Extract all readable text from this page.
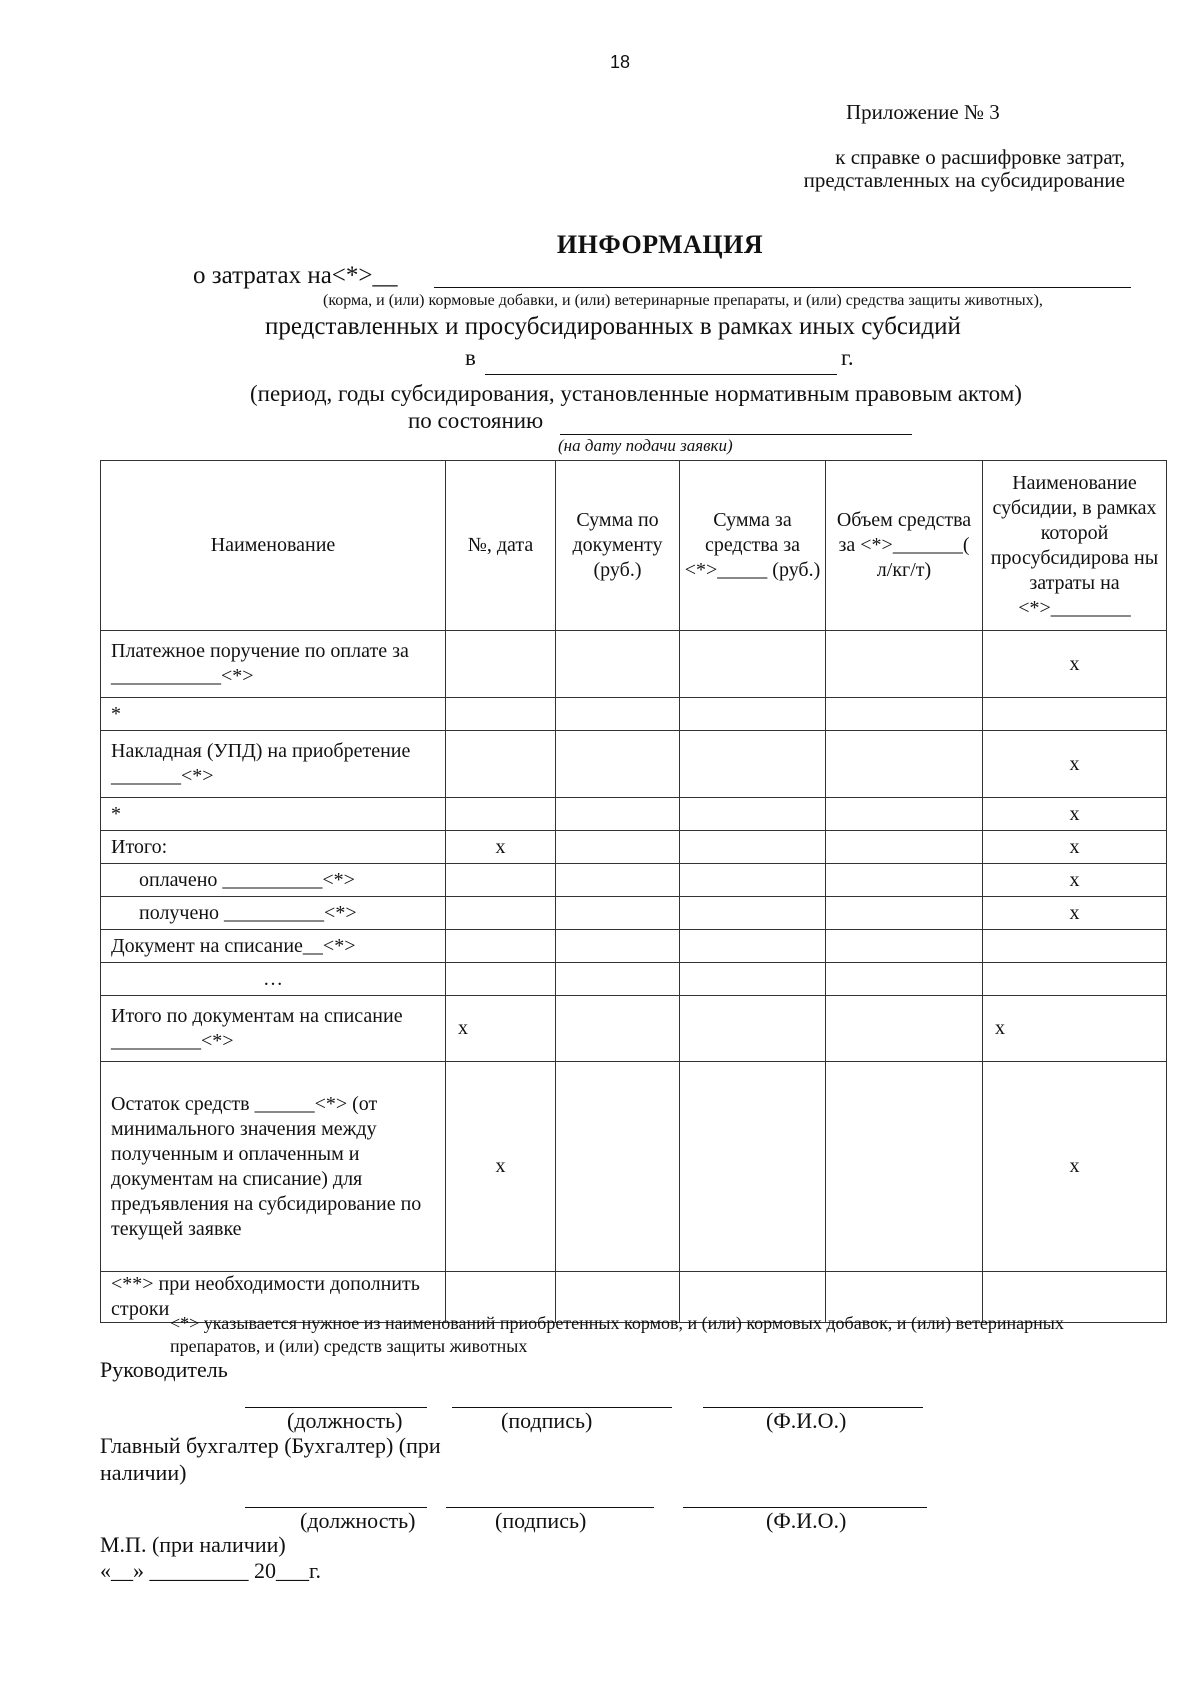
18
Приложение № 3
к справке о расшифровке затрат,
представленных на субсидирование
ИНФОРМАЦИЯ
о затратах на<*>__
(корма, и (или) кормовые добавки, и (или) ветеринарные препараты, и (или) средства защиты животных),
представленных и просубсидированных в рамках иных субсидий
в	г.
(период, годы субсидирования, установленные нормативным правовым актом)
по состоянию
(на дату подачи заявки)
Наименование	№, дата	Сумма по документу (руб.)	Сумма за средства за <*>_____ (руб.)	Объем средства за <*>_______( л/кг/т)	Наименование субсидии, в рамках которой просубсидирова ны затраты на <*>________
Платежное поручение по оплате за ___________<*>					x
*					
Накладная (УПД) на приобретение _______<*>					x
*					x
Итого:	x				x
оплачено __________<*>					x
получено __________<*>					x
Документ на списание__<*>					
…					
Итого по документам на списание _________<*>	x				x
Остаток средств ______<*> (от минимального значения между полученным и оплаченным и документам на списание) для предъявления на субсидирование по текущей заявке	x				x
<**> при необходимости дополнить строки					
<*> указывается нужное из наименований приобретенных кормов, и (или) кормовых добавок, и (или) ветеринарных препаратов, и (или) средств защиты животных
Руководитель
(должность)	(подпись)	(Ф.И.О.)
Главный бухгалтер (Бухгалтер) (при наличии)
(должность)	(подпись)	(Ф.И.О.)
М.П. (при наличии)
«__» _________ 20___г.
